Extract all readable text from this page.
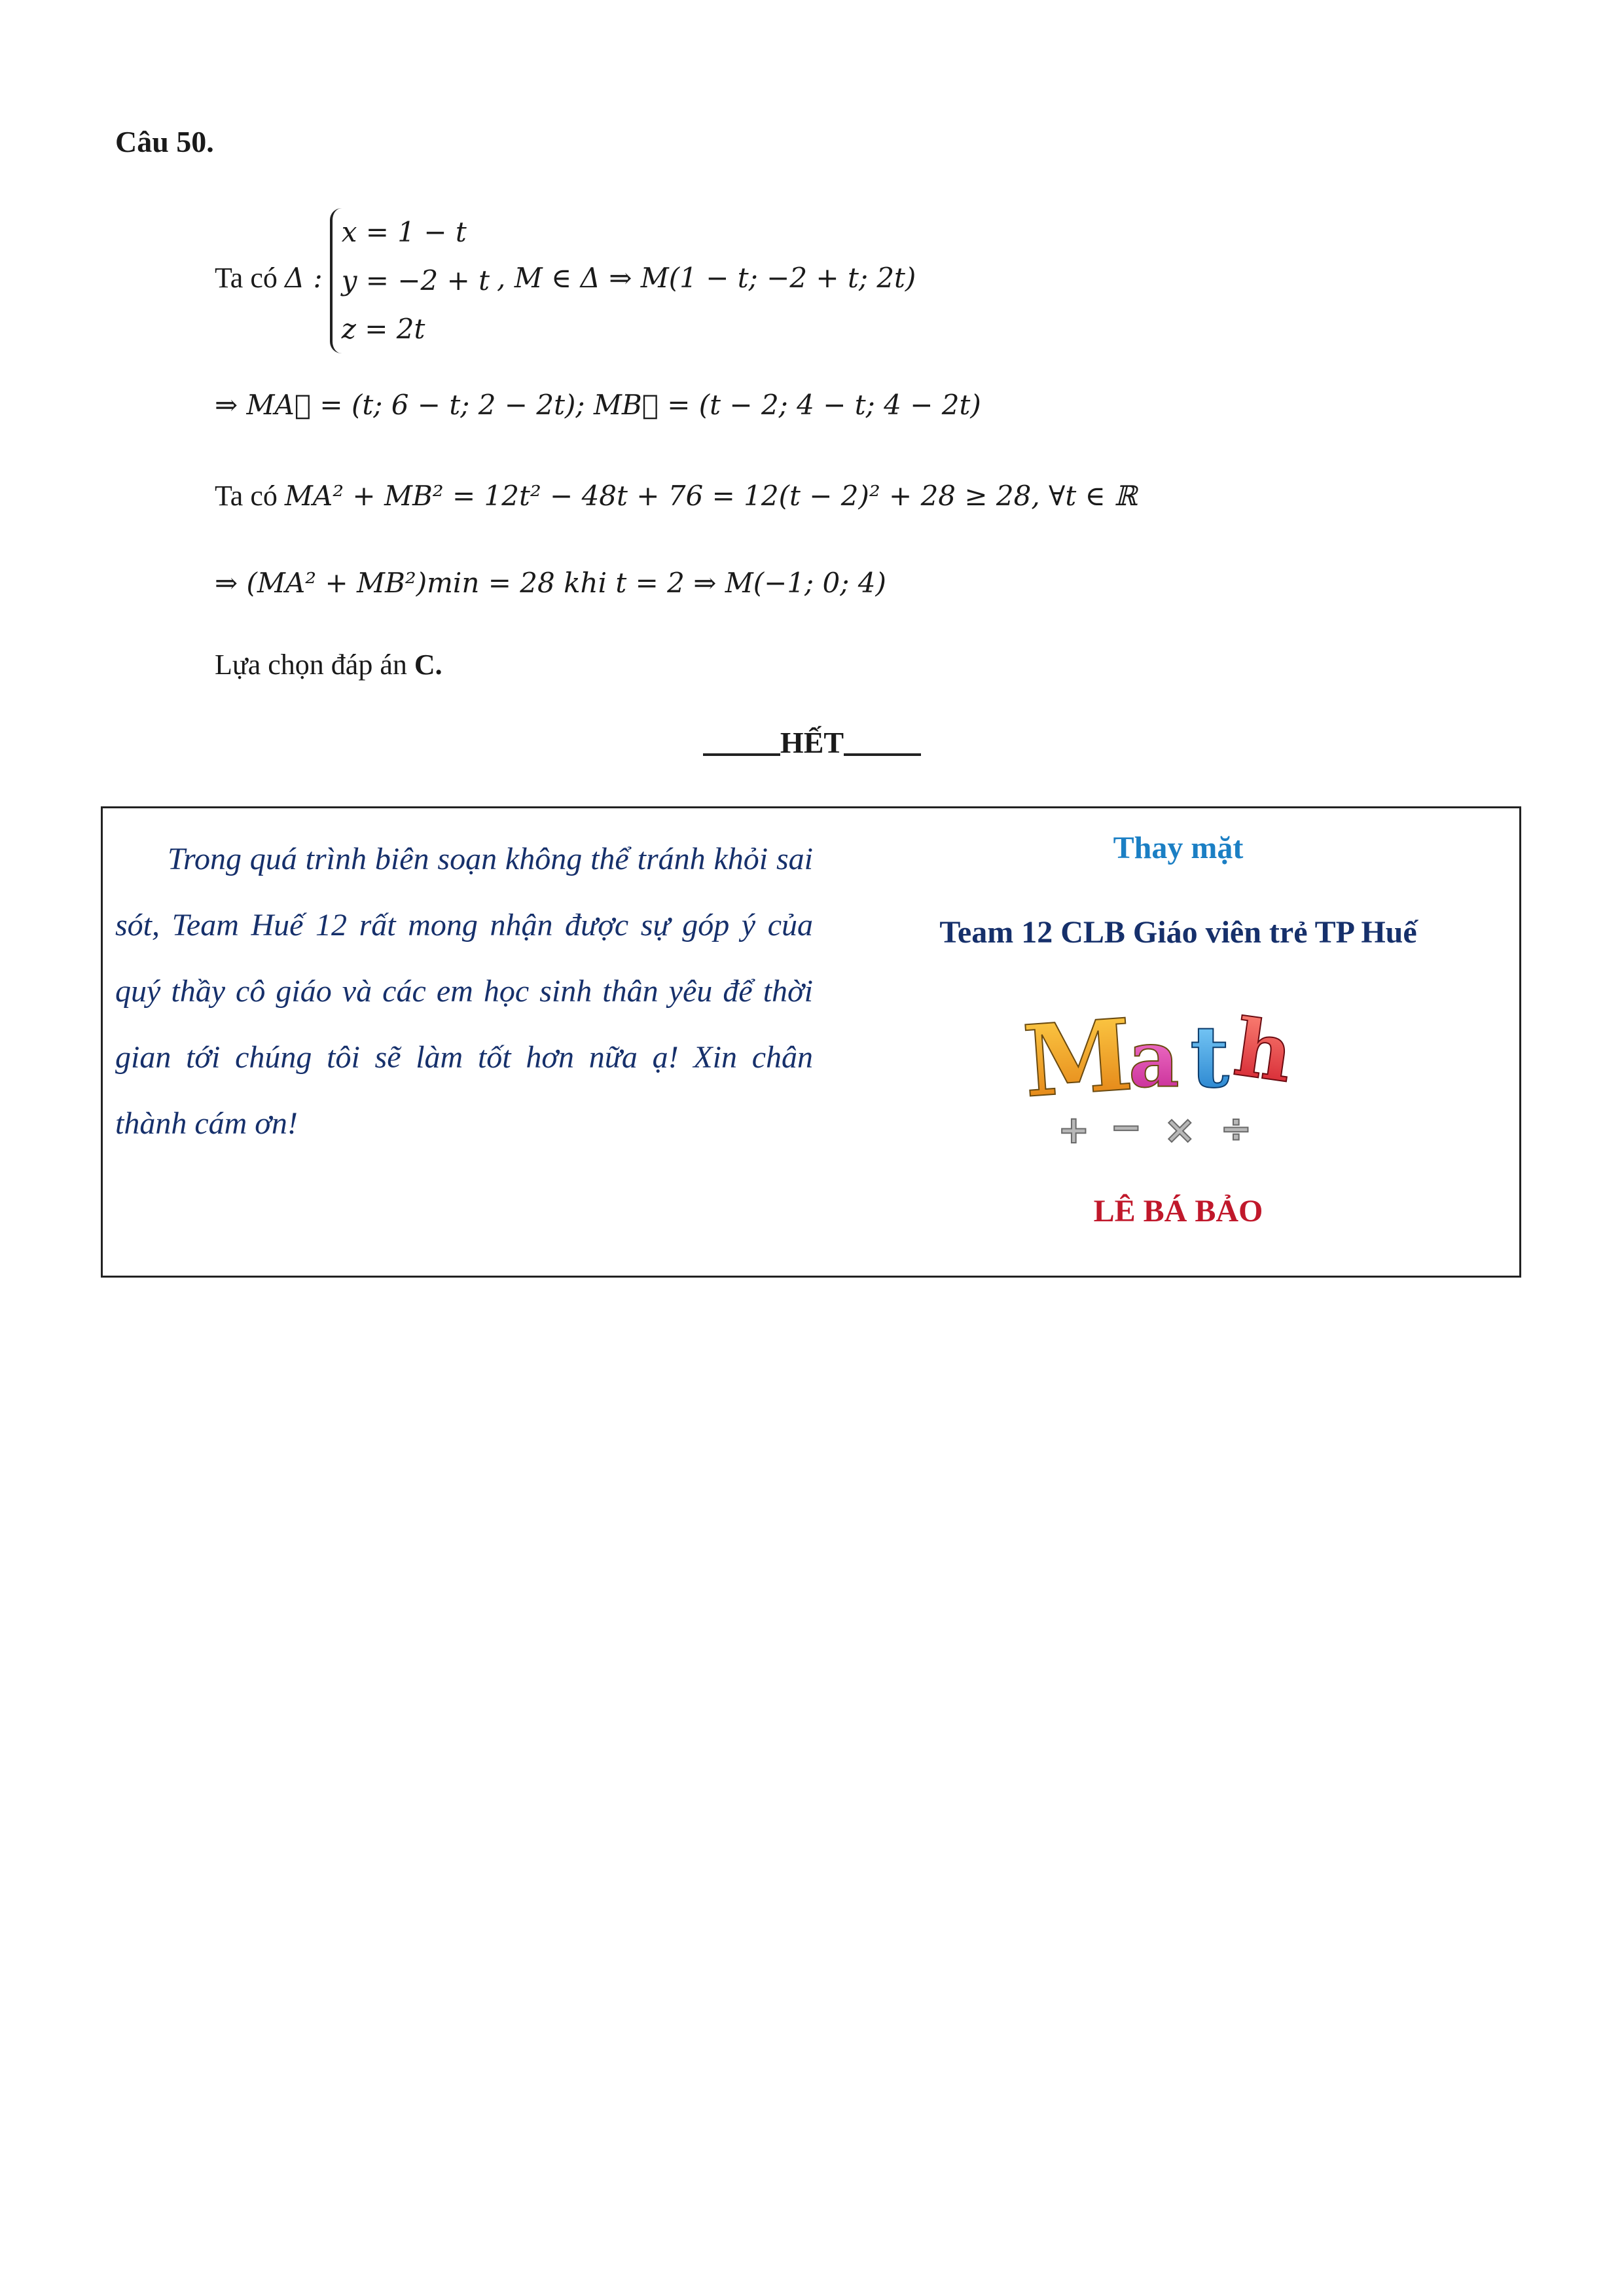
Câu 50.
Ta có Δ :
x = 1 − t
y = −2 + t
z = 2t
, M ∈ Δ ⇒ M(1 − t; −2 + t; 2t)
⇒ MA⃗ = (t; 6 − t; 2 − 2t); MB⃗ = (t − 2; 4 − t; 4 − 2t)
Ta có MA² + MB² = 12t² − 48t + 76 = 12(t − 2)² + 28 ≥ 28, ∀t ∈ ℝ
⇒ (MA² + MB²)min = 28 khi t = 2 ⇒ M(−1; 0; 4)
Lựa chọn đáp án C.
HẾT
Trong quá trình biên soạn không thể tránh khỏi sai sót, Team Huế 12 rất mong nhận được sự góp ý của quý thầy cô giáo và các em học sinh thân yêu để thời gian tới chúng tôi sẽ làm tốt hơn nữa ạ! Xin chân thành cám ơn!
Thay mặt
Team 12 CLB Giáo viên trẻ TP Huế
M
a t h
+ − × ÷
LÊ BÁ BẢO
